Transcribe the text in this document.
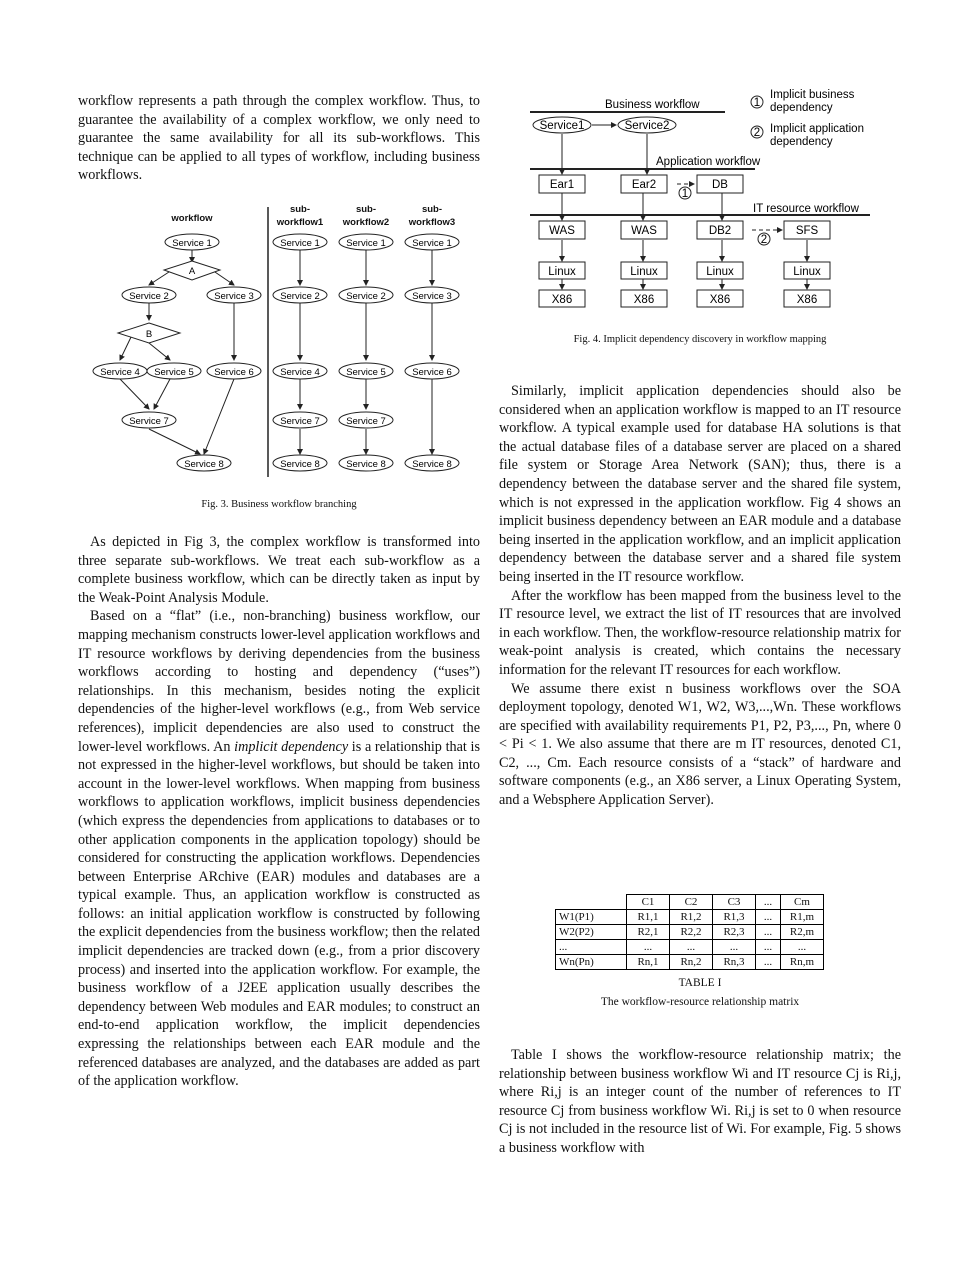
workflow represents a path through the complex workflow. Thus, to guarantee the availability of a complex workflow, we only need to guarantee the same availability for all its sub-workflows. This technique can be applied to all types of workflow, including business workflows.

workflow
sub-
workflow1
sub-
workflow2
sub-
workflow3
A
B
Service 1
Service 2	Service 3
Service 4 Service 5 Service 6
Service 7
Service 8
Service 1
Service 2
Service 4
Service 7
Service 8
Service 1
Service 2
Service 5
Service 7
Service 8
Service 1
Service 3
Service 6
Service 8
Fig. 3. Business workflow branching

As depicted in Fig 3, the complex workflow is transformed into three separate sub-workflows. We treat each sub-workflow as a complete business workflow, which can be directly taken as input by the Weak-Point Analysis Module.

Based on a “flat” (i.e., non-branching) business workflow, our mapping mechanism constructs lower-level application workflows and IT resource workflows by deriving dependencies from the business workflows according to hosting and dependency (“uses”) relationships. In this mechanism, besides noting the explicit dependencies of the higher-level workflows (e.g., from Web service references), implicit dependencies are also used to construct the lower-level workflows. An implicit dependency is a relationship that is not expressed in the higher-level workflows, but should be taken into account in the lower-level workflows. When mapping from business workflows to application workflows, implicit business dependencies (which express the dependencies from applications to databases or to other application components in the application topology) should be considered for constructing the application workflows. Dependencies between Enterprise ARchive (EAR) modules and databases are a typical example. Thus, an application workflow is constructed as follows: an initial application workflow is constructed by following the explicit dependencies from the business workflow; then the related implicit dependencies are tracked down (e.g., from a prior discovery process) and inserted into the application workflow. For example, the business workflow of a J2EE application usually describes the dependency between Web modules and EAR modules; to construct an end-to-end application workflow, the implicit dependencies expressing the relationships between each EAR module and the referenced databases are analyzed, and the databases are added as part of the application workflow.

Business workflow
Application workflow
IT resource workflow
1
Implicit business
dependency
2 Implicit application
dependency
Service1	Service2
1
2
Ear1	Ear2	DB
WAS	WAS	DB2	SFS
Linux	Linux	Linux	Linux
X86	X86	X86	X86
Fig. 4. Implicit dependency discovery in workflow mapping

Similarly, implicit application dependencies should also be considered when an application workflow is mapped to an IT resource workflow. A typical example used for database HA solutions is that the actual database files of a database server are placed on a shared file system or Storage Area Network (SAN); thus, there is a dependency between the database server and the shared file system, which is not expressed in the application workflow. Fig 4 shows an implicit business dependency between an EAR module and a database being inserted in the application workflow, and an implicit application dependency between the database server and a shared file system being inserted in the IT resource workflow.

After the workflow has been mapped from the business level to the IT resource level, we extract the list of IT resources that are involved in each workflow. Then, the workflow-resource relationship matrix for weak-point analysis is created, which contains the necessary information for the relevant IT resources for each workflow.

We assume there exist n business workflows over the SOA deployment topology, denoted W1, W2, W3,...,Wn. These workflows are specified with availability requirements P1, P2, P3,..., Pn, where 0 < Pi < 1. We also assume that there are m IT resources, denoted C1, C2, ..., Cm. Each resource consists of a “stack” of hardware and software components (e.g., an X86 server, a Linux Operating System, and a Websphere Application Server).

	C1	C2	C3	...	Cm
W1(P1)	R1,1	R1,2	R1,3	...	R1,m
W2(P2)	R2,1	R2,2	R2,3	...	R2,m
...	...	...	...	...	...
Wn(Pn)	Rn,1	Rn,2	Rn,3	...	Rn,m
TABLE I
The workflow-resource relationship matrix

Table I shows the workflow-resource relationship matrix; the relationship between business workflow Wi and IT resource Cj is Ri,j, where Ri,j is an integer count of the number of references to IT resource Cj from business workflow Wi. Ri,j is set to 0 when resource Cj is not included in the resource list of Wi. For example, Fig. 5 shows a business workflow with
